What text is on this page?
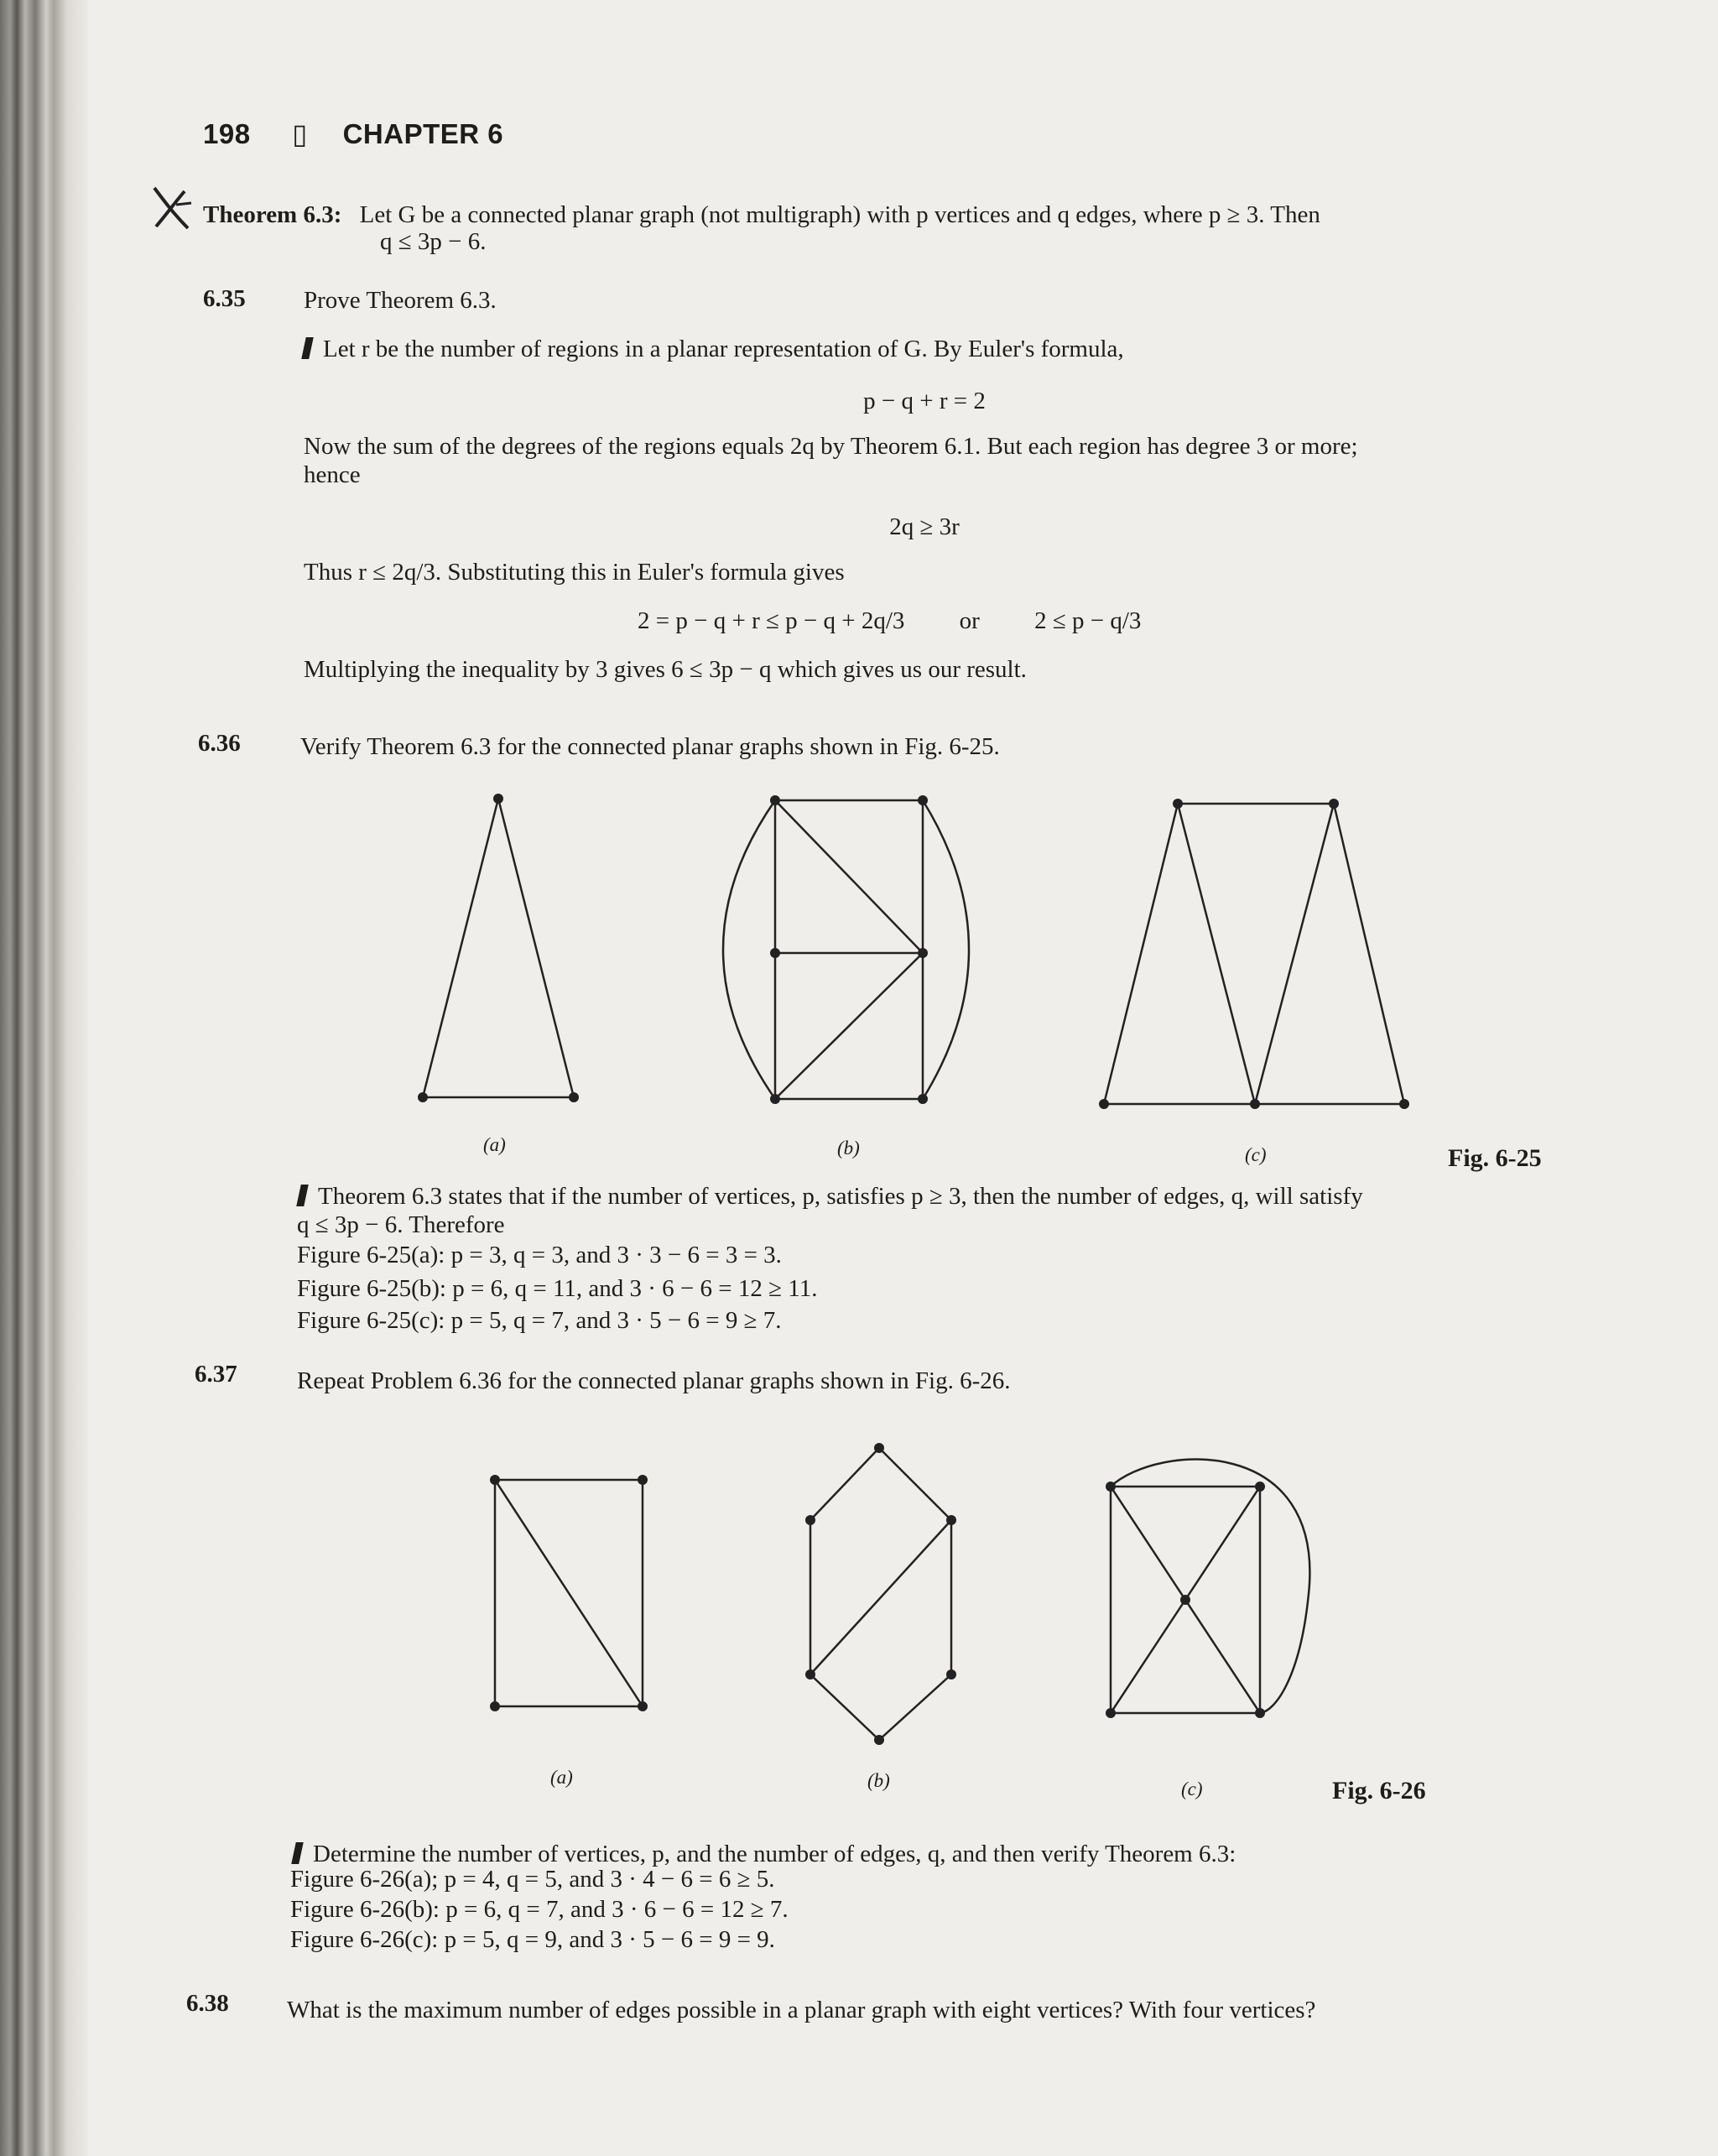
198 ▯ CHAPTER 6
Theorem 6.3: Let G be a connected planar graph (not multigraph) with p vertices and q edges, where p ≥ 3. Then
q ≤ 3p − 6.
6.35 Prove Theorem 6.3.
Let r be the number of regions in a planar representation of G. By Euler's formula,
p − q + r = 2
Now the sum of the degrees of the regions equals 2q by Theorem 6.1. But each region has degree 3 or more;
hence
2q ≥ 3r
Thus r ≤ 2q/3. Substituting this in Euler's formula gives
2 = p − q + r ≤ p − q + 2q/3 or 2 ≤ p − q/3
Multiplying the inequality by 3 gives 6 ≤ 3p − q which gives us our result.
6.36 Verify Theorem 6.3 for the connected planar graphs shown in Fig. 6-25.
(a)	(b)	(c)	Fig. 6-25
Theorem 6.3 states that if the number of vertices, p, satisfies p ≥ 3, then the number of edges, q, will satisfy
q ≤ 3p − 6. Therefore
Figure 6-25(a): p = 3, q = 3, and 3 · 3 − 6 = 3 = 3.
Figure 6-25(b): p = 6, q = 11, and 3 · 6 − 6 = 12 ≥ 11.
Figure 6-25(c): p = 5, q = 7, and 3 · 5 − 6 = 9 ≥ 7.
6.37 Repeat Problem 6.36 for the connected planar graphs shown in Fig. 6-26.
(a)	(b)	(c)	Fig. 6-26
Determine the number of vertices, p, and the number of edges, q, and then verify Theorem 6.3:
Figure 6-26(a); p = 4, q = 5, and 3 · 4 − 6 = 6 ≥ 5.
Figure 6-26(b): p = 6, q = 7, and 3 · 6 − 6 = 12 ≥ 7.
Figure 6-26(c): p = 5, q = 9, and 3 · 5 − 6 = 9 = 9.
6.38 What is the maximum number of edges possible in a planar graph with eight vertices? With four vertices?
